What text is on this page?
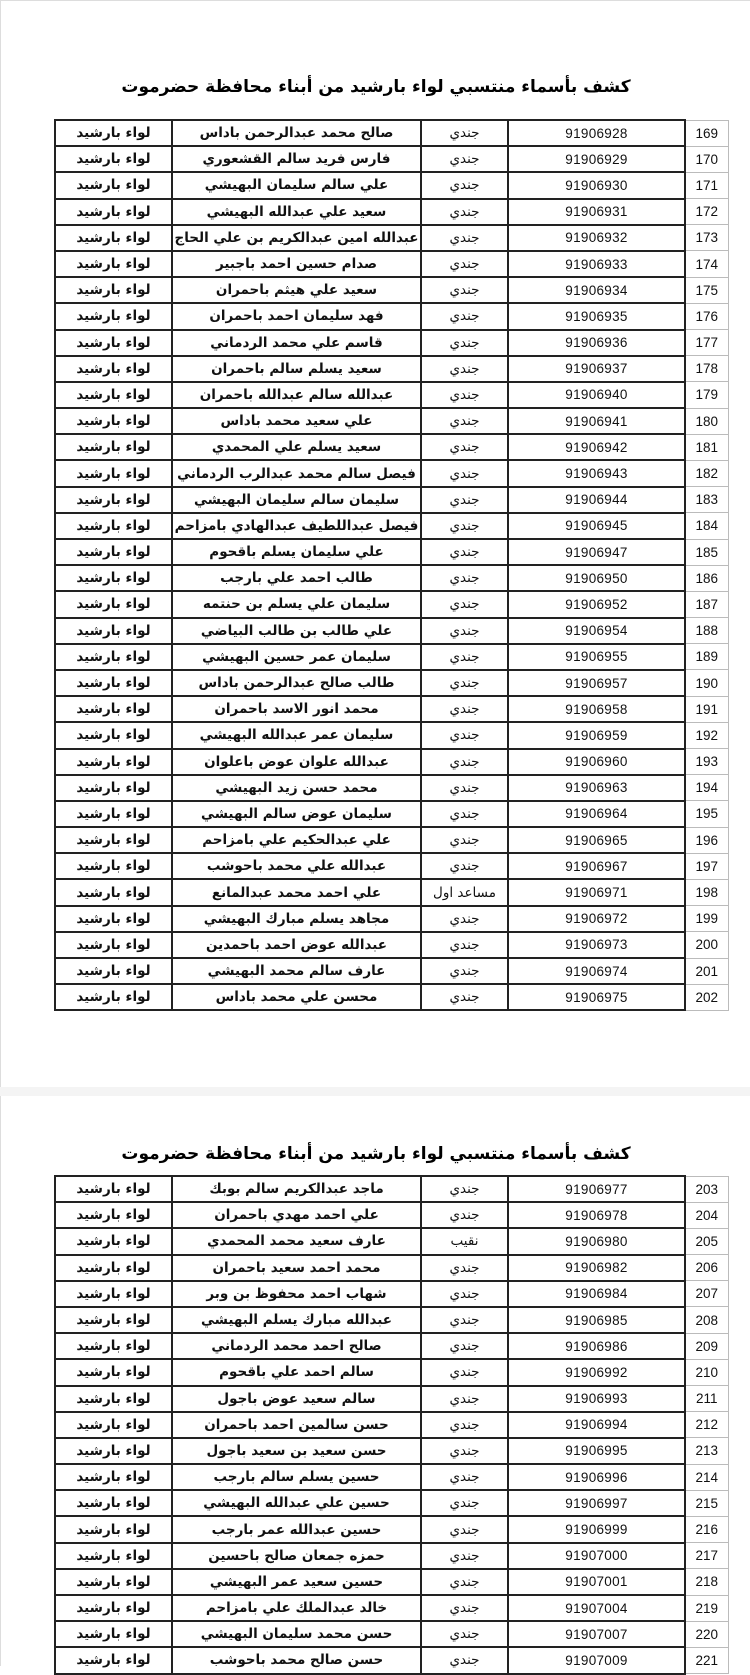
كشف بأسماء منتسبي لواء بارشيد من أبناء محافظة حضرموت
لواء بارشيد	صالح محمد عبدالرحمن باداس	جندي	91906928	169
لواء بارشيد	فارس فريد سالم القشعوري	جندي	91906929	170
لواء بارشيد	علي سالم سليمان البهيشي	جندي	91906930	171
لواء بارشيد	سعيد علي عبدالله البهيشي	جندي	91906931	172
لواء بارشيد	عبدالله امين عبدالكريم بن علي الحاج	جندي	91906932	173
لواء بارشيد	صدام حسين احمد باجبير	جندي	91906933	174
لواء بارشيد	سعيد علي هيثم باحمران	جندي	91906934	175
لواء بارشيد	فهد سليمان احمد باحمران	جندي	91906935	176
لواء بارشيد	قاسم علي محمد الردماني	جندي	91906936	177
لواء بارشيد	سعيد يسلم سالم باحمران	جندي	91906937	178
لواء بارشيد	عبدالله سالم عبدالله باحمران	جندي	91906940	179
لواء بارشيد	علي سعيد محمد باداس	جندي	91906941	180
لواء بارشيد	سعيد يسلم علي المحمدي	جندي	91906942	181
لواء بارشيد	فيصل سالم محمد عبدالرب الردماني	جندي	91906943	182
لواء بارشيد	سليمان سالم سليمان البهيشي	جندي	91906944	183
لواء بارشيد	فيصل عبداللطيف عبدالهادي بامزاحم	جندي	91906945	184
لواء بارشيد	علي سليمان يسلم باقحوم	جندي	91906947	185
لواء بارشيد	طالب احمد علي بارجب	جندي	91906950	186
لواء بارشيد	سليمان علي يسلم بن حنتمه	جندي	91906952	187
لواء بارشيد	علي طالب بن طالب البياضي	جندي	91906954	188
لواء بارشيد	سليمان عمر حسين البهيشي	جندي	91906955	189
لواء بارشيد	طالب صالح عبدالرحمن باداس	جندي	91906957	190
لواء بارشيد	محمد انور الاسد باحمران	جندي	91906958	191
لواء بارشيد	سليمان عمر عبدالله البهيشي	جندي	91906959	192
لواء بارشيد	عبدالله علوان عوض باعلوان	جندي	91906960	193
لواء بارشيد	محمد حسن زيد البهيشي	جندي	91906963	194
لواء بارشيد	سليمان عوض سالم البهيشي	جندي	91906964	195
لواء بارشيد	علي عبدالحكيم علي بامزاحم	جندي	91906965	196
لواء بارشيد	عبدالله علي محمد باحوشب	جندي	91906967	197
لواء بارشيد	علي احمد محمد عبدالمانع	مساعد اول	91906971	198
لواء بارشيد	مجاهد يسلم مبارك البهيشي	جندي	91906972	199
لواء بارشيد	عبدالله عوض احمد باحمدين	جندي	91906973	200
لواء بارشيد	عارف سالم محمد البهيشي	جندي	91906974	201
لواء بارشيد	محسن علي محمد باداس	جندي	91906975	202
كشف بأسماء منتسبي لواء بارشيد من أبناء محافظة حضرموت
لواء بارشيد	ماجد عبدالكريم سالم بوبك	جندي	91906977	203
لواء بارشيد	علي احمد مهدي باحمران	جندي	91906978	204
لواء بارشيد	عارف سعيد محمد المحمدي	نقيب	91906980	205
لواء بارشيد	محمد احمد سعيد باحمران	جندي	91906982	206
لواء بارشيد	شهاب احمد محفوظ بن وبر	جندي	91906984	207
لواء بارشيد	عبدالله مبارك يسلم البهيشي	جندي	91906985	208
لواء بارشيد	صالح احمد محمد الردماني	جندي	91906986	209
لواء بارشيد	سالم احمد علي باقحوم	جندي	91906992	210
لواء بارشيد	سالم سعيد عوض باجول	جندي	91906993	211
لواء بارشيد	حسن سالمين احمد باحمران	جندي	91906994	212
لواء بارشيد	حسن سعيد بن سعيد باجول	جندي	91906995	213
لواء بارشيد	حسين يسلم سالم بارجب	جندي	91906996	214
لواء بارشيد	حسين علي عبدالله البهيشي	جندي	91906997	215
لواء بارشيد	حسين عبدالله عمر بارجب	جندي	91906999	216
لواء بارشيد	حمزه جمعان صالح باحسين	جندي	91907000	217
لواء بارشيد	حسين سعيد عمر البهيشي	جندي	91907001	218
لواء بارشيد	خالد عبدالملك علي بامزاحم	جندي	91907004	219
لواء بارشيد	حسن محمد سليمان البهيشي	جندي	91907007	220
لواء بارشيد	حسن صالح محمد باحوشب	جندي	91907009	221
